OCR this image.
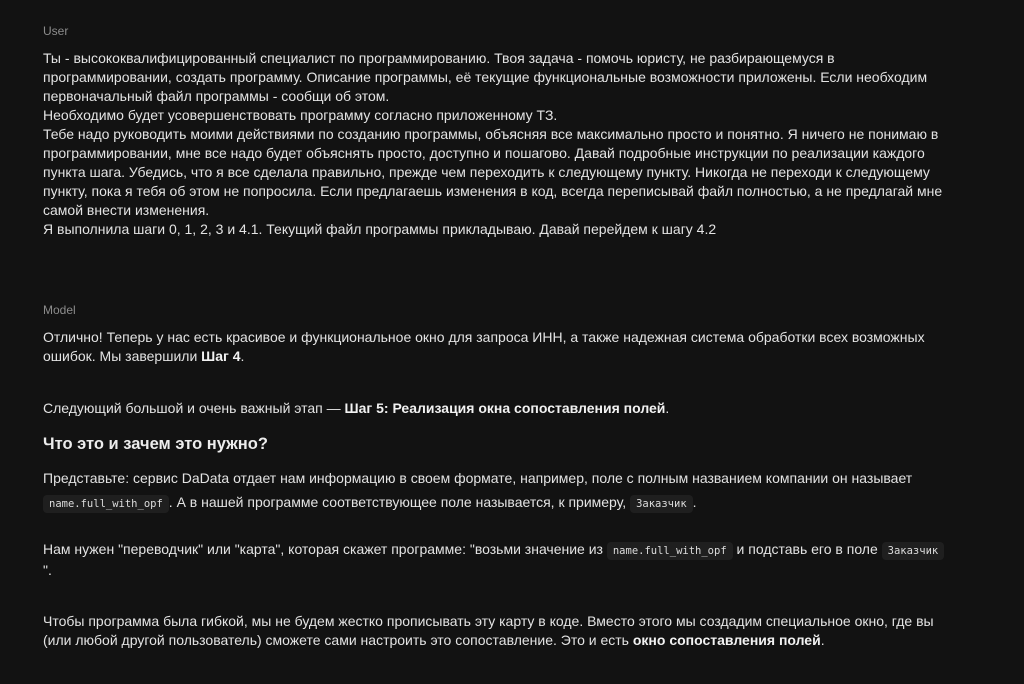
User
Ты - высококвалифицированный специалист по программированию. Твоя задача - помочь юристу, не разбирающемуся в
программировании, создать программу. Описание программы, её текущие функциональные возможности приложены. Если необходим
первоначальный файл программы - сообщи об этом.
Необходимо будет усовершенствовать программу согласно приложенному ТЗ.
Тебе надо руководить моими действиями по созданию программы, объясняя все максимально просто и понятно. Я ничего не понимаю в
программировании, мне все надо будет объяснять просто, доступно и пошагово. Давай подробные инструкции по реализации каждого
пункта шага. Убедись, что я все сделала правильно, прежде чем переходить к следующему пункту. Никогда не переходи к следующему
пункту, пока я тебя об этом не попросила. Если предлагаешь изменения в код, всегда переписывай файл полностью, а не предлагай мне
самой внести изменения.
Я выполнила шаги 0, 1, 2, 3 и 4.1. Текущий файл программы прикладываю. Давай перейдем к шагу 4.2
Model
Отлично! Теперь у нас есть красивое и функциональное окно для запроса ИНН, а также надежная система обработки всех возможных
ошибок. Мы завершили Шаг 4.
Следующий большой и очень важный этап — Шаг 5: Реализация окна сопоставления полей.
Что это и зачем это нужно?
Представьте: сервис DaData отдает нам информацию в своем формате, например, поле с полным названием компании он называет
name.full_with_opf . А в нашей программе соответствующее поле называется, к примеру, Заказчик .
Нам нужен "переводчик" или "карта", которая скажет программе: "возьми значение из name.full_with_opf и подставь его в поле Заказчик
".
Чтобы программа была гибкой, мы не будем жестко прописывать эту карту в коде. Вместо этого мы создадим специальное окно, где вы
(или любой другой пользователь) сможете сами настроить это сопоставление. Это и есть окно сопоставления полей.
